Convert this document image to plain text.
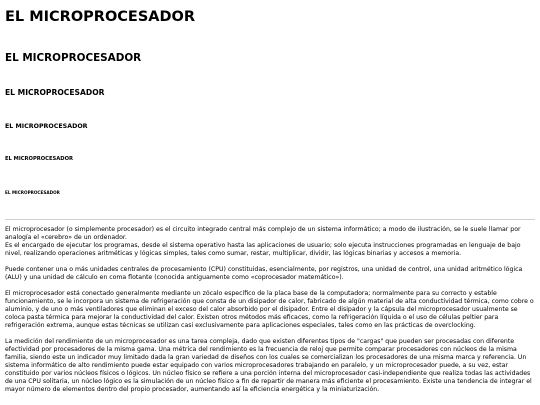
EL MICROPROCESADOR
EL MICROPROCESADOR
EL MICROPROCESADOR
EL MICROPROCESADOR
EL MICROPROCESADOR
EL MICROPROCESADOR

El microprocesador (o simplemente procesador) es el circuito integrado central más complejo de un sistema informático; a modo de ilustración, se le suele llamar por analogía el «cerebro» de un ordenador.
Es el encargado de ejecutar los programas, desde el sistema operativo hasta las aplicaciones de usuario; solo ejecuta instrucciones programadas en lenguaje de bajo nivel, realizando operaciones aritméticas y lógicas simples, tales como sumar, restar, multiplicar, dividir, las lógicas binarias y accesos a memoria.

Puede contener una o más unidades centrales de procesamiento (CPU) constituidas, esencialmente, por registros, una unidad de control, una unidad aritmético lógica (ALU) y una unidad de cálculo en coma flotante (conocida antiguamente como «coprocesador matemático»).

El microprocesador está conectado generalmente mediante un zócalo específico de la placa base de la computadora; normalmente para su correcto y estable funcionamiento, se le incorpora un sistema de refrigeración que consta de un disipador de calor, fabricado de algún material de alta conductividad térmica, como cobre o aluminio, y de uno o más ventiladores que eliminan el exceso del calor absorbido por el disipador. Entre el disipador y la cápsula del microprocesador usualmente se coloca pasta térmica para mejorar la conductividad del calor. Existen otros métodos más eficaces, como la refrigeración líquida o el uso de células peltier para refrigeración extrema, aunque estas técnicas se utilizan casi exclusivamente para aplicaciones especiales, tales como en las prácticas de overclocking.

La medición del rendimiento de un microprocesador es una tarea compleja, dado que existen diferentes tipos de "cargas" que pueden ser procesadas con diferente efectividad por procesadores de la misma gama. Una métrica del rendimiento es la frecuencia de reloj que permite comparar procesadores con núcleos de la misma familia, siendo este un indicador muy limitado dada la gran variedad de diseños con los cuales se comercializan los procesadores de una misma marca y referencia. Un sistema informático de alto rendimiento puede estar equipado con varios microprocesadores trabajando en paralelo, y un microprocesador puede, a su vez, estar constituido por varios núcleos físicos o lógicos. Un núcleo físico se refiere a una porción interna del microprocesador casi-independiente que realiza todas las actividades de una CPU solitaria, un núcleo lógico es la simulación de un núcleo físico a fin de repartir de manera más eficiente el procesamiento. Existe una tendencia de integrar el mayor número de elementos dentro del propio procesador, aumentando así la eficiencia energética y la miniaturización.
